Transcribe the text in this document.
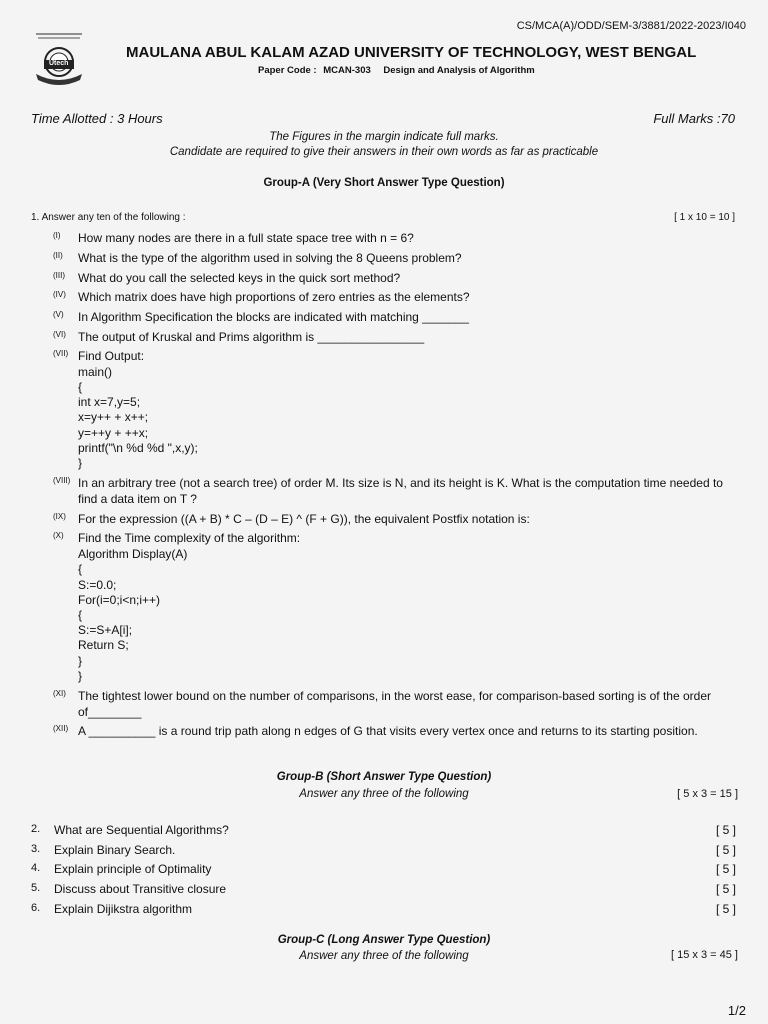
CS/MCA(A)/ODD/SEM-3/3881/2022-2023/I040
Utech
MAULANA ABUL KALAM AZAD UNIVERSITY OF TECHNOLOGY, WEST BENGAL
Paper Code : MCAN-303 Design and Analysis of Algorithm
Time Allotted : 3 Hours	Full Marks :70
The Figures in the margin indicate full marks.
Candidate are required to give their answers in their own words as far as practicable
Group-A (Very Short Answer Type Question)
1. Answer any ten of the following :	[ 1 x 10 = 10 ]
(I) How many nodes are there in a full state space tree with n = 6?
(II) What is the type of the algorithm used in solving the 8 Queens problem?
(III) What do you call the selected keys in the quick sort method?
(IV) Which matrix does have high proportions of zero entries as the elements?
(V) In Algorithm Specification the blocks are indicated with matching _______
(VI) The output of Kruskal and Prims algorithm is ________________
(VII) Find Output:
main()
{
int x=7,y=5;
x=y++ + x++;
y=++y + ++x;
printf("\n %d %d ",x,y);
}
(VIII) In an arbitrary tree (not a search tree) of order M. Its size is N, and its height is K. What is the computation time needed to
find a data item on T ?
(IX) For the expression ((A + B) * C – (D – E) ^ (F + G)), the equivalent Postfix notation is:
(X) Find the Time complexity of the algorithm:
Algorithm Display(A)
{
S:=0.0;
For(i=0;i<n;i++)
{
S:=S+A[i];
Return S;
}
}
(XI) The tightest lower bound on the number of comparisons, in the worst ease, for comparison-based sorting is of the order
of________
(XII) A __________ is a round trip path along n edges of G that visits every vertex once and returns to its starting position.
Group-B (Short Answer Type Question)
Answer any three of the following	[ 5 x 3 = 15 ]
2. What are Sequential Algorithms?	[ 5 ]
3. Explain Binary Search.	[ 5 ]
4. Explain principle of Optimality	[ 5 ]
5. Discuss about Transitive closure	[ 5 ]
6. Explain Dijikstra algorithm	[ 5 ]
Group-C (Long Answer Type Question)
Answer any three of the following	[ 15 x 3 = 45 ]
1/2
